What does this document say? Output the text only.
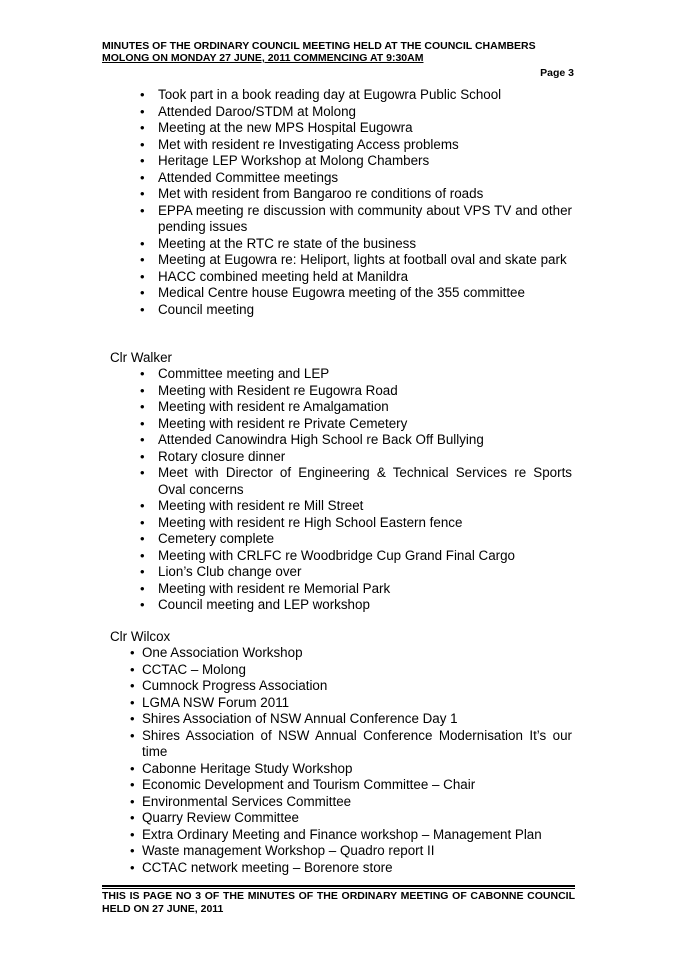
MINUTES OF THE ORDINARY COUNCIL MEETING HELD AT THE COUNCIL CHAMBERS
MOLONG ON MONDAY 27 JUNE, 2011 COMMENCING AT 9:30AM
Page 3
• Took part in a book reading day at Eugowra Public School
• Attended Daroo/STDM at Molong
• Meeting at the new MPS Hospital Eugowra
• Met with resident re Investigating Access problems
• Heritage LEP Workshop at Molong Chambers
• Attended Committee meetings
• Met with resident from Bangaroo re conditions of roads
• EPPA meeting re discussion with community about VPS TV and other pending issues
• Meeting at the RTC re state of the business
• Meeting at Eugowra re: Heliport, lights at football oval and skate park
• HACC combined meeting held at Manildra
• Medical Centre house Eugowra meeting of the 355 committee
• Council meeting
Clr Walker
• Committee meeting and LEP
• Meeting with Resident re Eugowra Road
• Meeting with resident re Amalgamation
• Meeting with resident re Private Cemetery
• Attended Canowindra High School re Back Off Bullying
• Rotary closure dinner
• Meet with Director of Engineering & Technical Services re Sports Oval concerns
• Meeting with resident re Mill Street
• Meeting with resident re High School Eastern fence
• Cemetery complete
• Meeting with CRLFC re Woodbridge Cup Grand Final Cargo
• Lion’s Club change over
• Meeting with resident re Memorial Park
• Council meeting and LEP workshop
Clr Wilcox
• One Association Workshop
• CCTAC – Molong
• Cumnock Progress Association
• LGMA NSW Forum 2011
• Shires Association of NSW Annual Conference Day 1
• Shires Association of NSW Annual Conference Modernisation It’s our time
• Cabonne Heritage Study Workshop
• Economic Development and Tourism Committee – Chair
• Environmental Services Committee
• Quarry Review Committee
• Extra Ordinary Meeting and Finance workshop – Management Plan
• Waste management Workshop – Quadro report II
• CCTAC network meeting – Borenore store
THIS IS PAGE NO 3 OF THE MINUTES OF THE ORDINARY MEETING OF CABONNE COUNCIL HELD ON 27 JUNE, 2011
